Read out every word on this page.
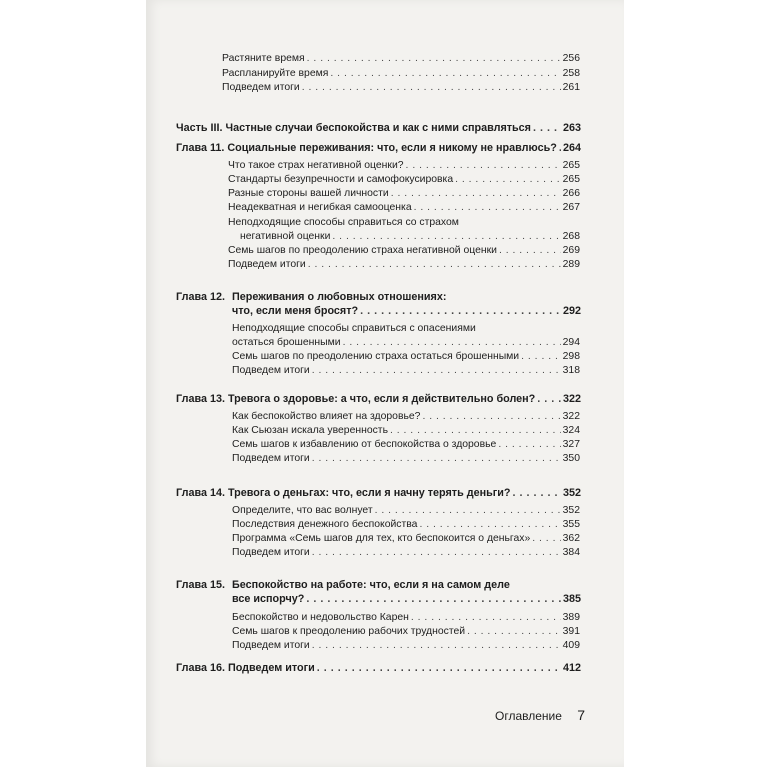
Растяните время . . .	256
Распланируйте время . . .	258
Подведем итоги . . .	261
Часть III. Частные случаи беспокойства и как с ними справляться . . .	263
Глава 11. Социальные переживания: что, если я никому не нравлюсь? . . . 264
Что такое страх негативной оценки? . . .	265
Стандарты безупречности и самофокусировка . . .	265
Разные стороны вашей личности . . .	266
Неадекватная и негибкая самооценка . . .	267
Неподходящие способы справиться со страхом
негативной оценки . . .	268
Семь шагов по преодолению страха негативной оценки . . .	269
Подведем итоги . . .	289
Глава 12. Переживания о любовных отношениях:
что, если меня бросят? . . .	292
Неподходящие способы справиться с опасениями
остаться брошенными . . .	294
Семь шагов по преодолению страха остаться брошенными . . .	298
Подведем итоги . . .	318
Глава 13. Тревога о здоровье: а что, если я действительно болен? . . .	322
Как беспокойство влияет на здоровье? . . .	322
Как Сьюзан искала уверенность . . .	324
Семь шагов к избавлению от беспокойства о здоровье . . .	327
Подведем итоги . . .	350
Глава 14. Тревога о деньгах: что, если я начну терять деньги? . . .	352
Определите, что вас волнует . . .	352
Последствия денежного беспокойства . . .	355
Программа «Семь шагов для тех, кто беспокоится о деньгах» . . .	362
Подведем итоги . . .	384
Глава 15. Беспокойство на работе: что, если я на самом деле
все испорчу? . . .	385
Беспокойство и недовольство Карен . . .	389
Семь шагов к преодолению рабочих трудностей . . .	391
Подведем итоги . . .	409
Глава 16. Подведем итоги . . .	412
Оглавление 7
